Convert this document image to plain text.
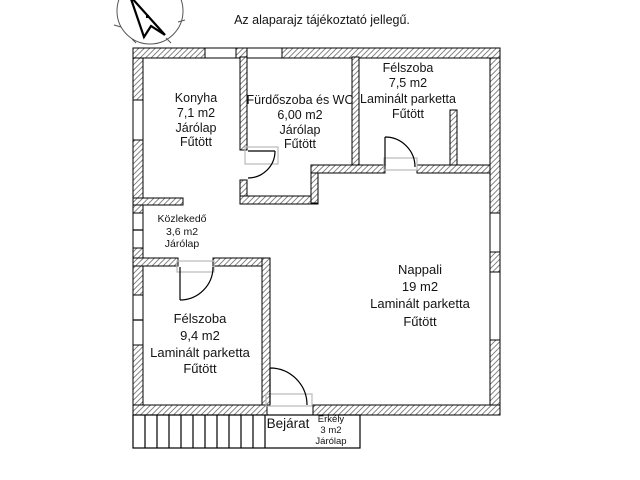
Az alaparajz tájékoztató jellegű.
Konyha
7,1 m2
Járólap
Fűtött
Fürdőszoba és WC
6,00 m2
Járólap
Fűtött
Félszoba
7,5 m2
Laminált parketta
Fűtött
Közlekedő
3,6 m2
Járólap
Félszoba
9,4 m2
Laminált parketta
Fűtött
Nappali
19 m2
Laminált parketta
Fűtött
Bejárat Erkély
3 m2
Járólap
